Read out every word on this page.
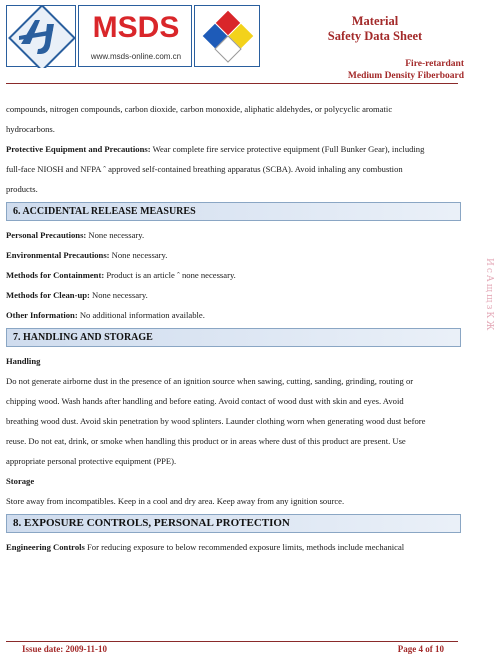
MSDS
www.msds-online.com.cn
Material
Safety Data Sheet
Fire-retardant
Medium Density Fiberboard
compounds, nitrogen compounds, carbon dioxide, carbon monoxide, aliphatic aldehydes, or polycyclic aromatic
hydrocarbons.
Protective Equipment and Precautions: Wear complete fire service protective equipment (Full Bunker Gear), including
full-face NIOSH and NFPA ˆ approved self-contained breathing apparatus (SCBA). Avoid inhaling any combustion
products.
6. ACCIDENTAL RELEASE MEASURES
Personal Precautions: None necessary.
Environmental Precautions: None necessary.
Methods for Containment: Product is an article ˆ none necessary.
Methods for Clean-up: None necessary.
Other Information: No additional information available.
7. HANDLING AND STORAGE
Handling
Do not generate airborne dust in the presence of an ignition source when sawing, cutting, sanding, grinding, routing or
chipping wood. Wash hands after handling and before eating. Avoid contact of wood dust with skin and eyes. Avoid
breathing wood dust. Avoid skin penetration by wood splinters. Launder clothing worn when generating wood dust before
reuse. Do not eat, drink, or smoke when handling this product or in areas where dust of this product are present. Use
appropriate personal protective equipment (PPE).
Storage
Store away from incompatibles. Keep in a cool and dry area. Keep away from any ignition source.
8. EXPOSURE CONTROLS, PERSONAL PROTECTION
Engineering Controls For reducing exposure to below recommended exposure limits, methods include mechanical
ИсАщщзКЖ
Issue date: 2009-11-10	Page 4 of 10
